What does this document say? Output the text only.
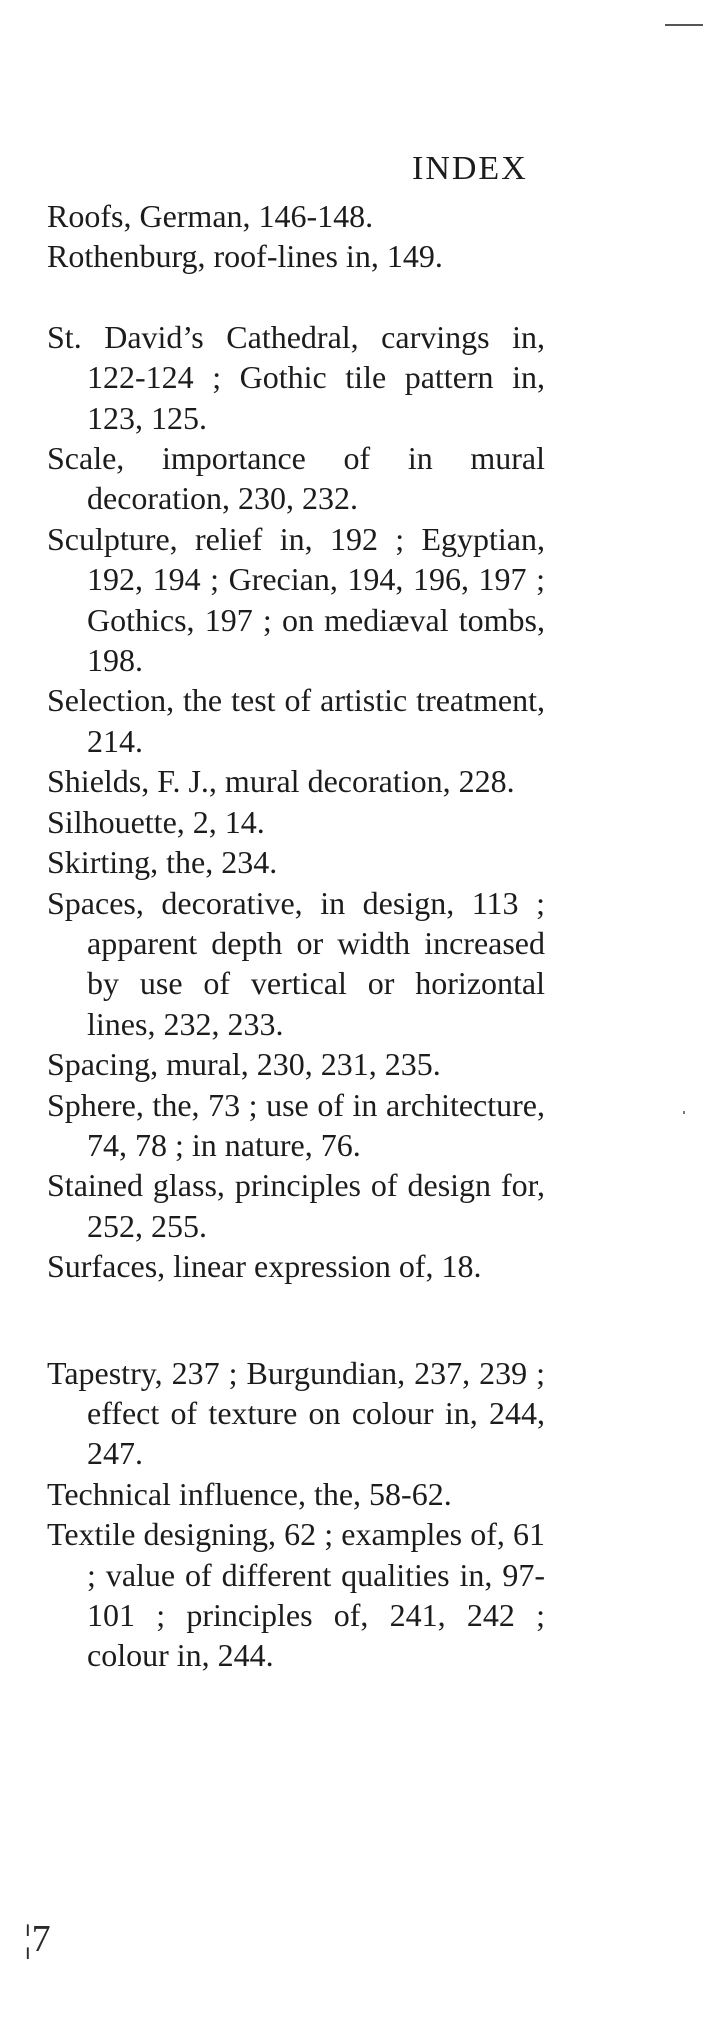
INDEX

Roofs, German, 146-148.

Rothenburg, roof-lines in, 149.

St. David’s Cathedral, carvings in, 122-124 ; Gothic tile pattern in, 123, 125.

Scale, importance of in mural decoration, 230, 232.

Sculpture, relief in, 192 ; Egyptian, 192, 194 ; Grecian, 194, 196, 197 ; Gothics, 197 ; on mediæval tombs, 198.

Selection, the test of artistic treatment, 214.

Shields, F. J., mural decoration, 228.

Silhouette, 2, 14.

Skirting, the, 234.

Spaces, decorative, in design, 113 ; apparent depth or width increased by use of vertical or horizontal lines, 232, 233.

Spacing, mural, 230, 231, 235.

Sphere, the, 73 ; use of in architecture, 74, 78 ; in nature, 76.

Stained glass, principles of design for, 252, 255.

Surfaces, linear expression of, 18.

Tapestry, 237 ; Burgundian, 237, 239 ; effect of texture on colour in, 244, 247.

Technical influence, the, 58-62.

Textile designing, 62 ; examples of, 61 ; value of different qualities in, 97-101 ; principles of, 241, 242 ; colour in, 244.

¦7
